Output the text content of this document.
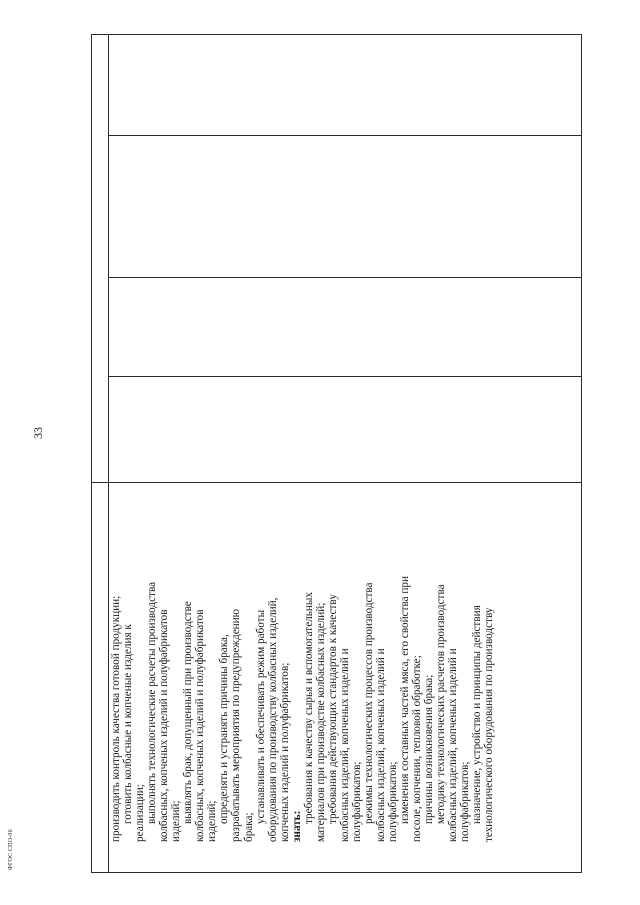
33

производить контроль качества готовой продукции; готовить колбасные и копченые изделия к реализации; выполнять технологические расчеты производства колбасных, копченых изделий и полуфабрикатов изделий; выявлять брак, допущенный при производстве колбасных, копченых изделий и полуфабрикатов изделий; определять и устранять причины брака, разрабатывать мероприятия по предупреждению брака;

устанавливать и обеспечивать режим работы оборудования по производству колбасных изделий, копченых изделий и полуфабрикатов; знать:

требования к качеству сырья и вспомогательных материалов при производстве колбасных изделий; требования действующих стандартов к качеству колбасных изделий, копченых изделий и полуфабрикатов; режимы технологических процессов производства колбасных изделий, копченых изделий и полуфабрикатов; изменения составных частей мяса, его свойства при посоле, копчении, тепловой обработке; причины возникновения брака; методику технологических расчетов производства колбасных изделий, копченых изделий и полуфабрикатов; назначение, устройство и принципы действия технологического оборудования по производству

ФГОС СПО-06
